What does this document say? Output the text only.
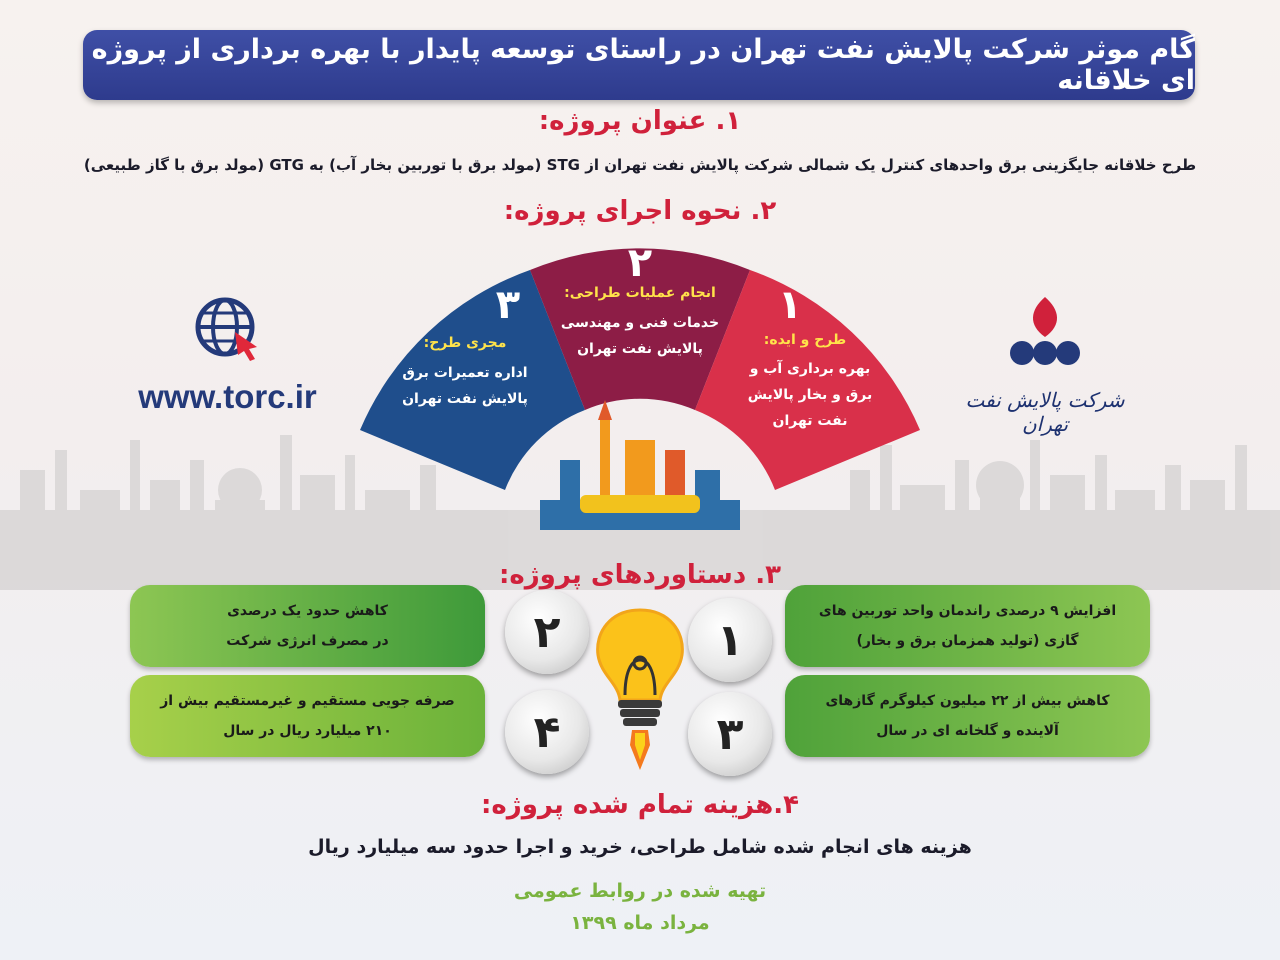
گام موثر شرکت پالایش نفت تهران در راستای توسعه پایدار با بهره برداری از پروژه ای خلاقانه
۱. عنوان پروژه:
طرح خلاقانه جایگزینی برق واحدهای کنترل یک شمالی شرکت پالایش نفت تهران از STG (مولد برق با توربین بخار آب) به GTG (مولد برق با گاز طبیعی)
۲. نحوه اجرای پروژه:
۱
طرح و ایده:
بهره برداری آب و
برق و بخار پالایش
نفت تهران
۲
انجام عملیات طراحی:
خدمات فنی و مهندسی
پالایش نفت تهران
۳
مجری طرح:
اداره تعمیرات برق
پالایش نفت تهران
www.torc.ir	شرکت پالایش نفت تهران
۳. دستاوردهای پروژه:
افزایش ۹ درصدی راندمان واحد توربین های
گازی (تولید همزمان برق و بخار)
کاهش حدود یک درصدی
در مصرف انرژی شرکت
کاهش بیش از ۲۲ میلیون کیلوگرم گازهای
آلاینده و گلخانه ای در سال
صرفه جویی مستقیم و غیرمستقیم بیش از
۲۱۰ میلیارد ریال در سال
۱
۲
۳
۴
۴.هزینه تمام شده پروژه:
هزینه های انجام شده شامل طراحی، خرید و اجرا حدود سه میلیارد ریال
تهیه شده در روابط عمومی
مرداد ماه ۱۳۹۹
